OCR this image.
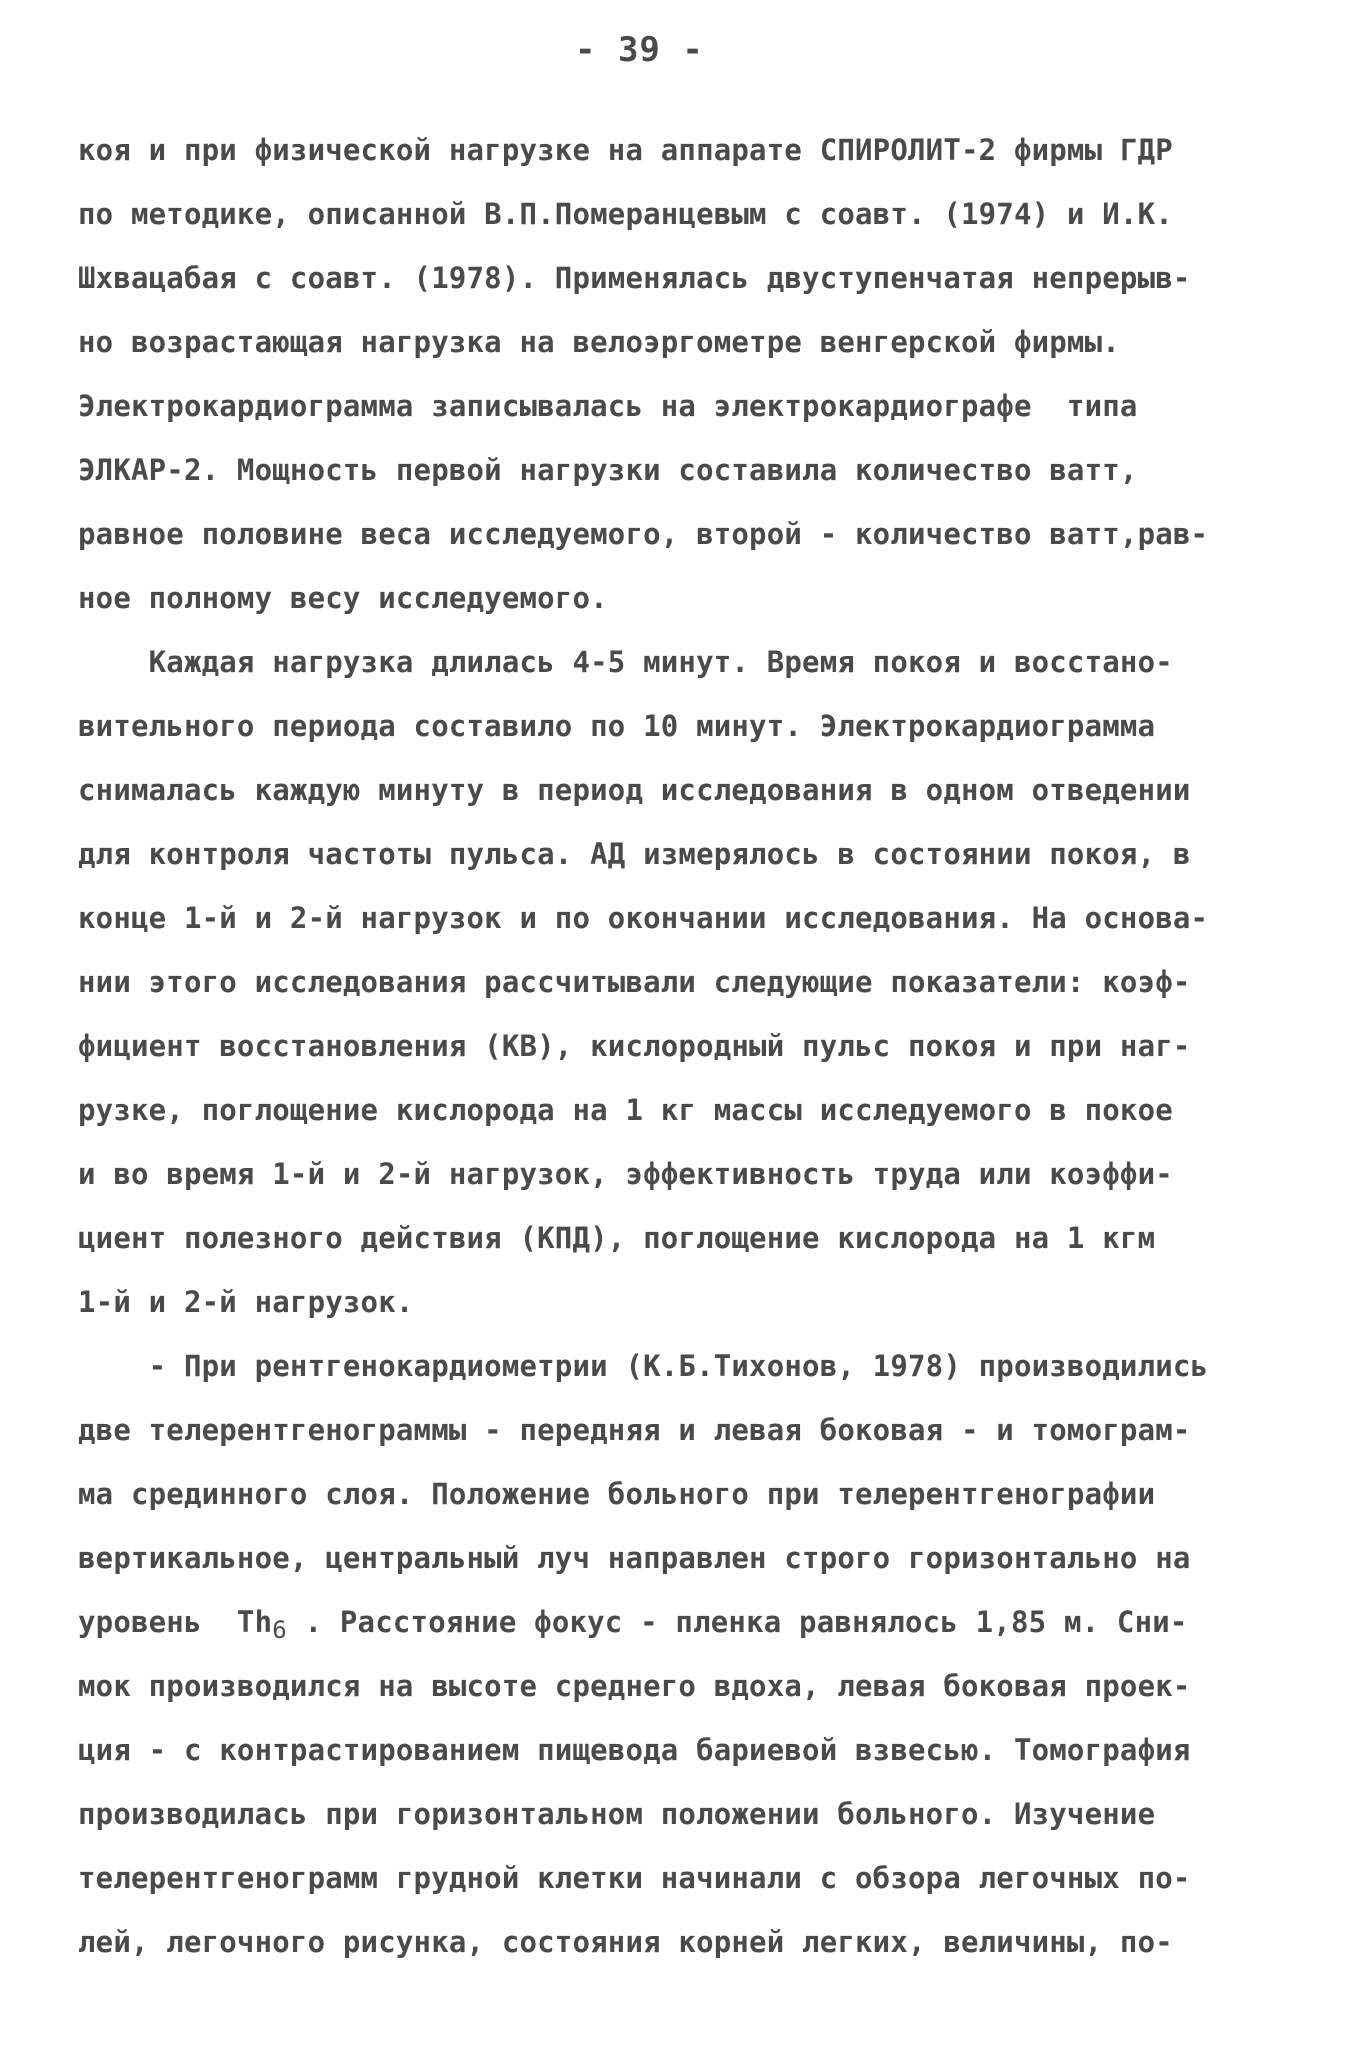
- 39 -
коя и при физической нагрузке на аппарате СПИРОЛИТ-2 фирмы ГДР
по методике, описанной В.П.Померанцевым с соавт. (1974) и И.К.
Шхвацабая с соавт. (1978). Применялась двуступенчатая непрерыв-
но возрастающая нагрузка на велоэргометре венгерской фирмы.
Электрокардиограмма записывалась на электрокардиографе  типа
ЭЛКАР-2. Мощность первой нагрузки составила количество ватт,
равное половине веса исследуемого, второй - количество ватт,рав-
ное полному весу исследуемого.
Каждая нагрузка длилась 4-5 минут. Время покоя и восстано-
вительного периода составило по 10 минут. Электрокардиограмма
снималась каждую минуту в период исследования в одном отведении
для контроля частоты пульса. АД измерялось в состоянии покоя, в
конце 1-й и 2-й нагрузок и по окончании исследования. На основа-
нии этого исследования рассчитывали следующие показатели: коэф-
фициент восстановления (КВ), кислородный пульс покоя и при наг-
рузке, поглощение кислорода на 1 кг массы исследуемого в покое
и во время 1-й и 2-й нагрузок, эффективность труда или коэффи-
циент полезного действия (КПД), поглощение кислорода на 1 кгм
1-й и 2-й нагрузок.
- При рентгенокардиометрии (К.Б.Тихонов, 1978) производились
две телерентгенограммы - передняя и левая боковая - и томограм-
ма срединного слоя. Положение больного при телерентгенографии
вертикальное, центральный луч направлен строго горизонтально на
уровень  $Th_6$ . Расстояние фокус - пленка равнялось 1,85 м. Сни-
мок производился на высоте среднего вдоха, левая боковая проек-
ция - с контрастированием пищевода бариевой взвесью. Томография
производилась при горизонтальном положении больного. Изучение
телерентгенограмм грудной клетки начинали с обзора легочных по-
лей, легочного рисунка, состояния корней легких, величины, по-
